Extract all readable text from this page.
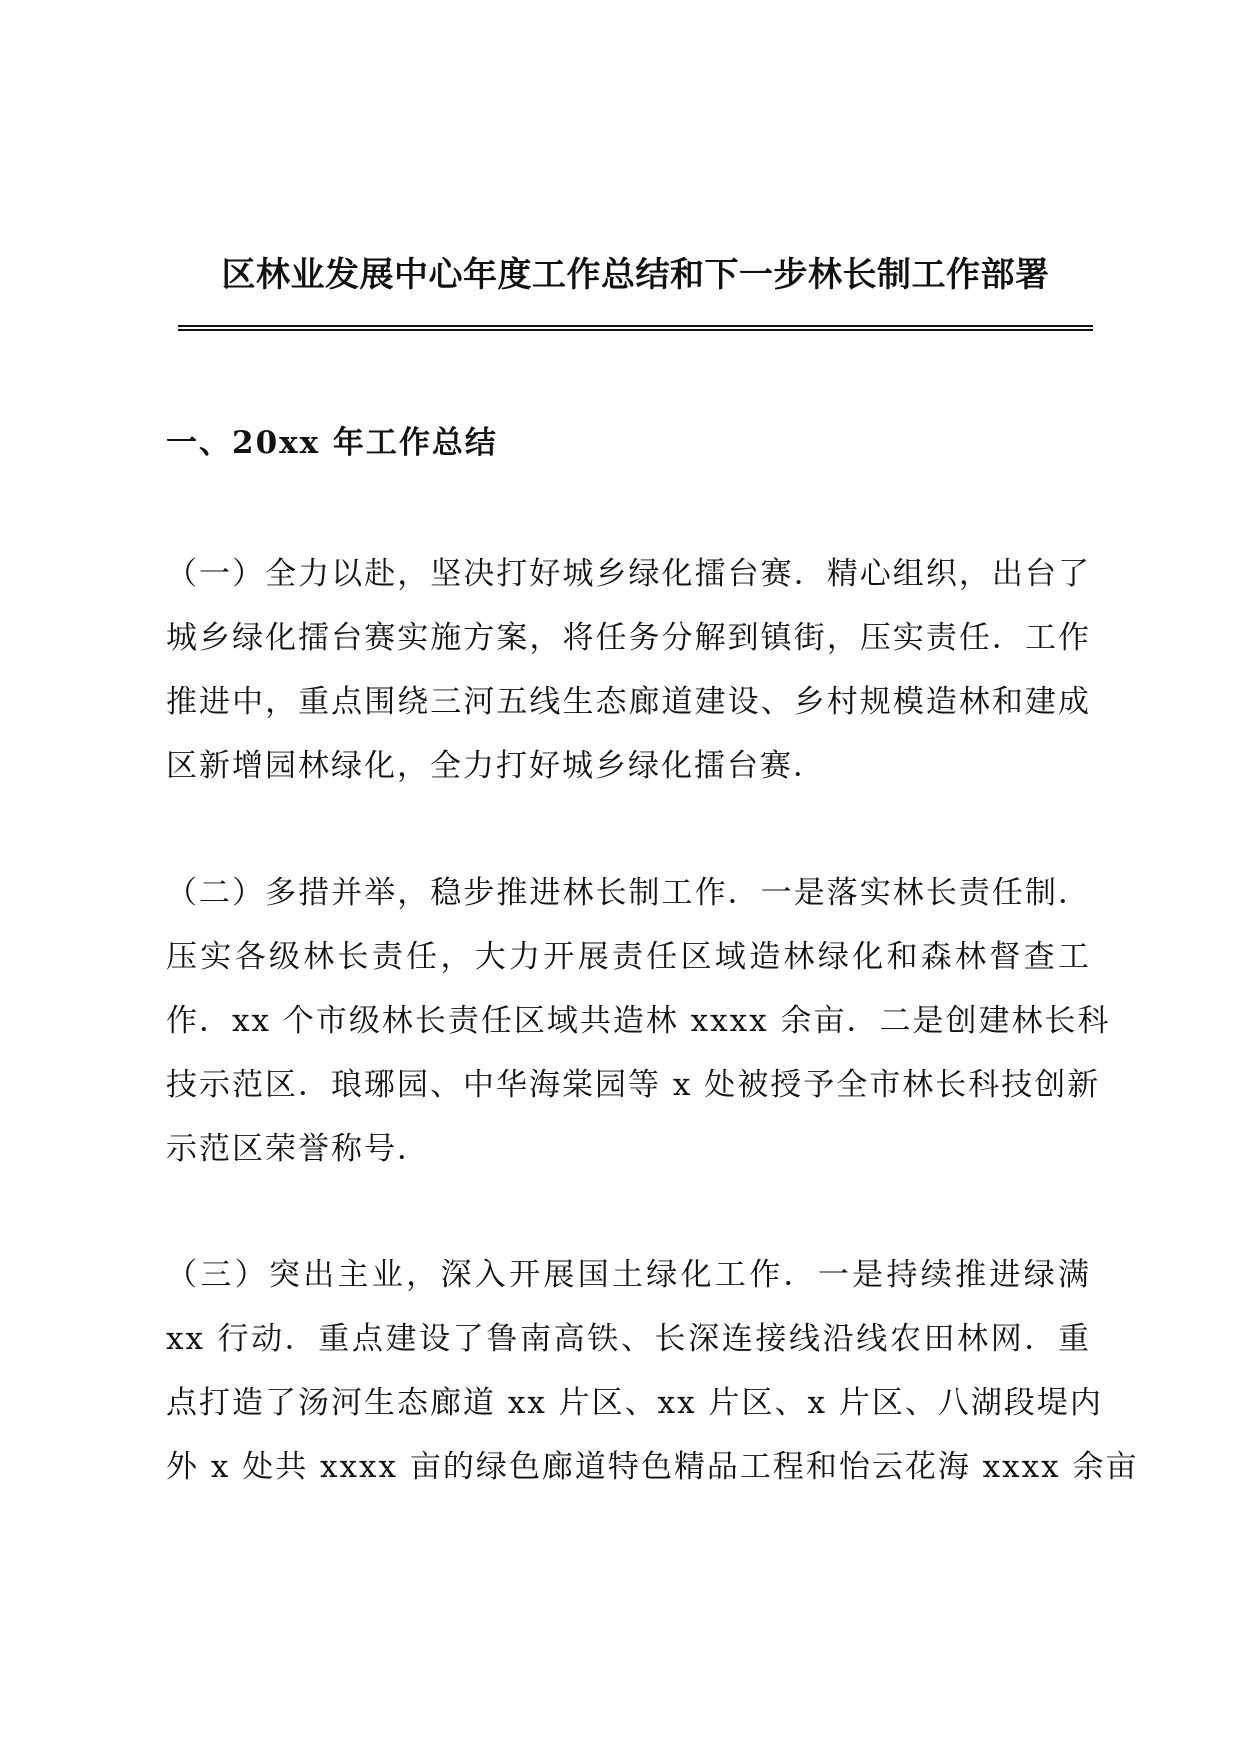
区林业发展中心年度工作总结和下一步林长制工作部署
一、20xx 年工作总结
（一）全力以赴，坚决打好城乡绿化擂台赛．精心组织，出台了
城乡绿化擂台赛实施方案，将任务分解到镇街，压实责任．工作
推进中，重点围绕三河五线生态廊道建设、乡村规模造林和建成
区新增园林绿化，全力打好城乡绿化擂台赛．
（二）多措并举，稳步推进林长制工作．一是落实林长责任制．
压实各级林长责任，大力开展责任区域造林绿化和森林督查工
作．xx 个市级林长责任区域共造林 xxxx 余亩．二是创建林长科
技示范区．琅琊园、中华海棠园等 x 处被授予全市林长科技创新
示范区荣誉称号．
（三）突出主业，深入开展国土绿化工作．一是持续推进绿满
xx 行动．重点建设了鲁南高铁、长深连接线沿线农田林网．重
点打造了汤河生态廊道 xx 片区、xx 片区、x 片区、八湖段堤内
外 x 处共 xxxx 亩的绿色廊道特色精品工程和怡云花海 xxxx 余亩
